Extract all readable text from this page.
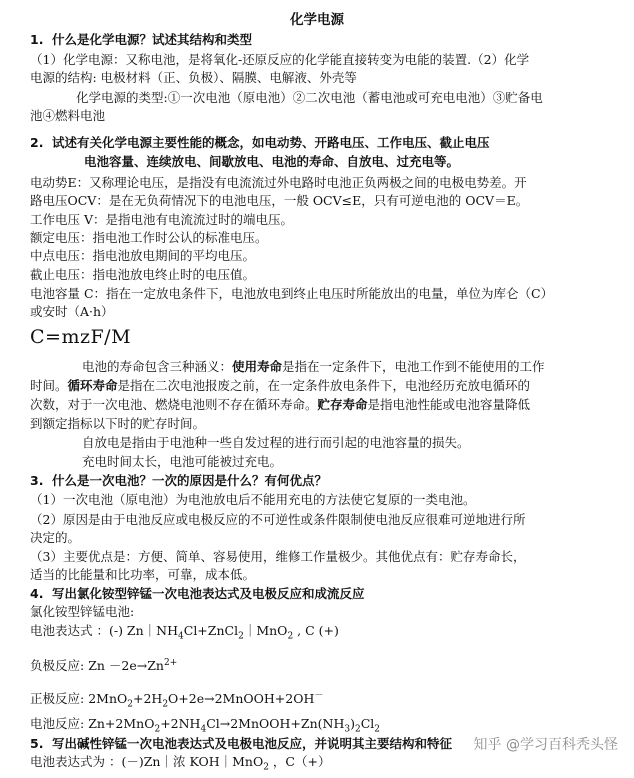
化学电源
1. 什么是化学电源？试述其结构和类型
（1）化学电源：又称电池，是将氧化-还原反应的化学能直接转变为电能的装置.（2）化学
电源的结构: 电极材料（正、负极）、隔膜、电解液、外壳等
化学电源的类型:①一次电池（原电池）②二次电池（蓄电池或可充电电池）③贮备电
池④燃料电池
2. 试述有关化学电源主要性能的概念，如电动势、开路电压、工作电压、截止电压
电池容量、连续放电、间歇放电、电池的寿命、自放电、过充电等。
电动势E：又称理论电压，是指没有电流流过外电路时电池正负两极之间的电极电势差。开
路电压OCV：是在无负荷情况下的电池电压，一般 OCV≤E，只有可逆电池的 OCV＝E。
工作电压 V：是指电池有电流流过时的端电压。
额定电压：指电池工作时公认的标准电压。
中点电压：指电池放电期间的平均电压。
截止电压：指电池放电终止时的电压值。
电池容量 C：指在一定放电条件下，电池放电到终止电压时所能放出的电量，单位为库仑（C）
或安时（A·h）
C=mzF/M
电池的寿命包含三种涵义：使用寿命是指在一定条件下，电池工作到不能使用的工作
时间。循环寿命是指在二次电池报废之前，在一定条件放电条件下，电池经历充放电循环的
次数，对于一次电池、燃烧电池则不存在循环寿命。贮存寿命是指电池性能或电池容量降低
到额定指标以下时的贮存时间。
自放电是指由于电池种一些自发过程的进行而引起的电池容量的损失。
充电时间太长，电池可能被过充电。
3. 什么是一次电池？一次的原因是什么？有何优点？
（1）一次电池（原电池）为电池放电后不能用充电的方法使它复原的一类电池。
（2）原因是由于电池反应或电极反应的不可逆性或条件限制使电池反应很难可逆地进行所
决定的。
（3）主要优点是：方便、简单、容易使用，维修工作量极少。其他优点有：贮存寿命长，
适当的比能量和比功率，可靠，成本低。
4. 写出氯化铵型锌锰一次电池表达式及电极反应和成流反应
氯化铵型锌锰电池:
电池表达式 ：(-) $Zn|NH_4Cl+ZnCl_2|MnO_2$ , C (+)
负极反应: $Zn -2e\to Zn^{2+}$
正极反应: $2MnO_2+2H_2O+2e\to 2MnOOH+2OH^-$
电池反应: $Zn+2MnO_2+2NH_4Cl\to 2MnOOH+Zn(NH_3)_2Cl_2$
5. 写出碱性锌锰一次电池表达式及电极电池反应，并说明其主要结构和特征
电池表达式为 ：(－)Zn｜浓 KOH｜MnO$_2$ ，C（+）
知乎 @学习百科秃头怪
